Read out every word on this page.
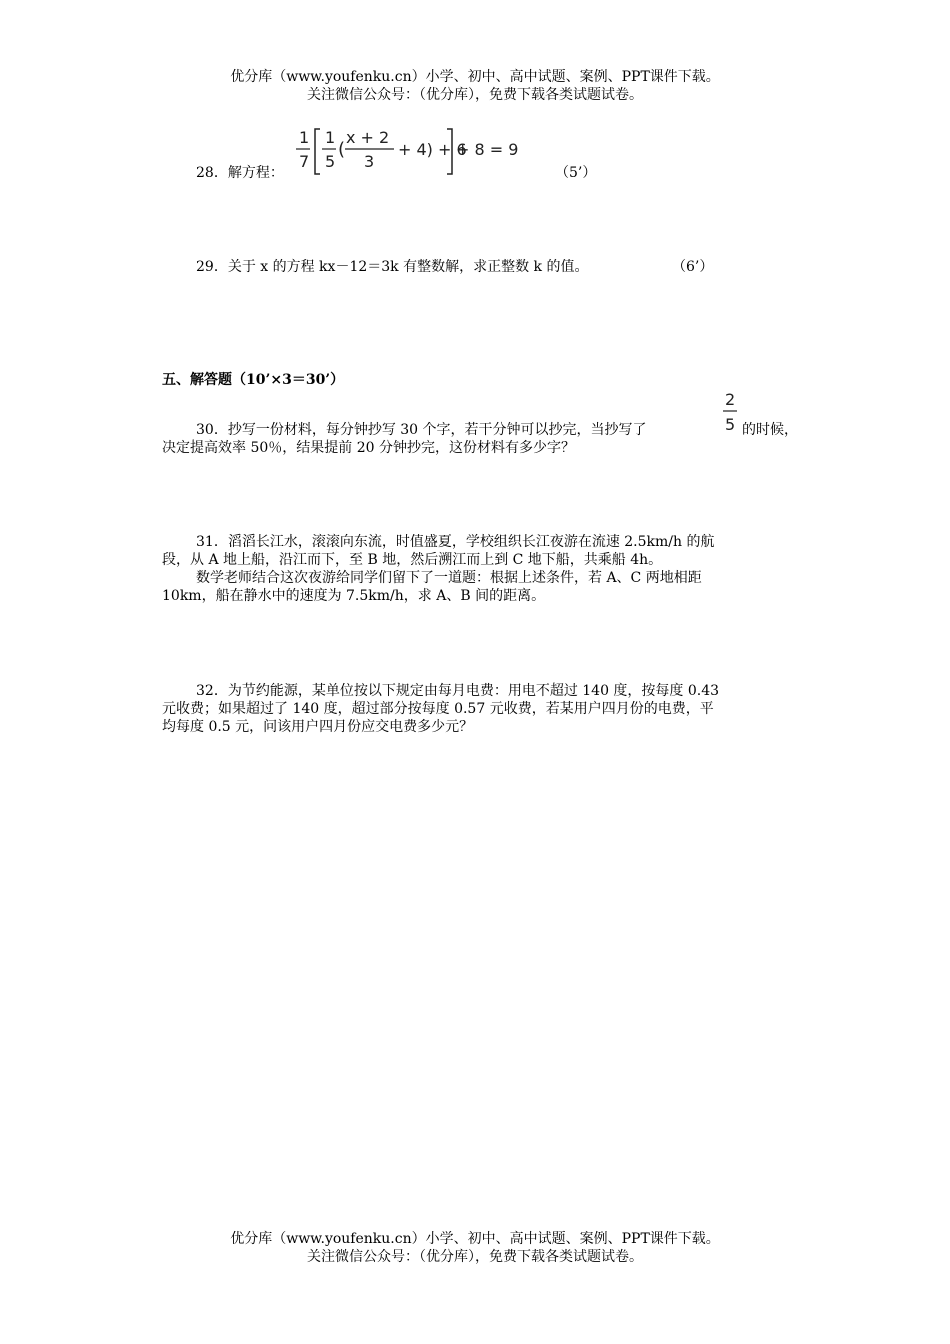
优分库（www.youfenku.cn）小学、初中、高中试题、案例、PPT课件下载。
关注微信公众号：（优分库），免费下载各类试题试卷。
28．解方程：
1
7
1
5
(
x + 2
3
+ 4) + 6
+ 8 = 9
（5’）
29．关于 x 的方程 kx－12＝3k 有整数解，求正整数 k 的值。	（6’）
五、解答题（10’×3＝30’）
30．抄写一份材料，每分钟抄写 30 个字，若干分钟可以抄完，当抄写了
2
5 的时候，
决定提高效率 50％，结果提前 20 分钟抄完，这份材料有多少字？
31．滔滔长江水，滚滚向东流，时值盛夏，学校组织长江夜游在流速 2.5km/h 的航
段，从 A 地上船，沿江而下，至 B 地，然后溯江而上到 C 地下船，共乘船 4h。
数学老师结合这次夜游给同学们留下了一道题：根据上述条件，若 A、C 两地相距
10km，船在静水中的速度为 7.5km/h，求 A、B 间的距离。
32．为节约能源，某单位按以下规定由每月电费：用电不超过 140 度，按每度 0.43
元收费；如果超过了 140 度，超过部分按每度 0.57 元收费，若某用户四月份的电费，平
均每度 0.5 元，问该用户四月份应交电费多少元？
优分库（www.youfenku.cn）小学、初中、高中试题、案例、PPT课件下载。
关注微信公众号：（优分库），免费下载各类试题试卷。
